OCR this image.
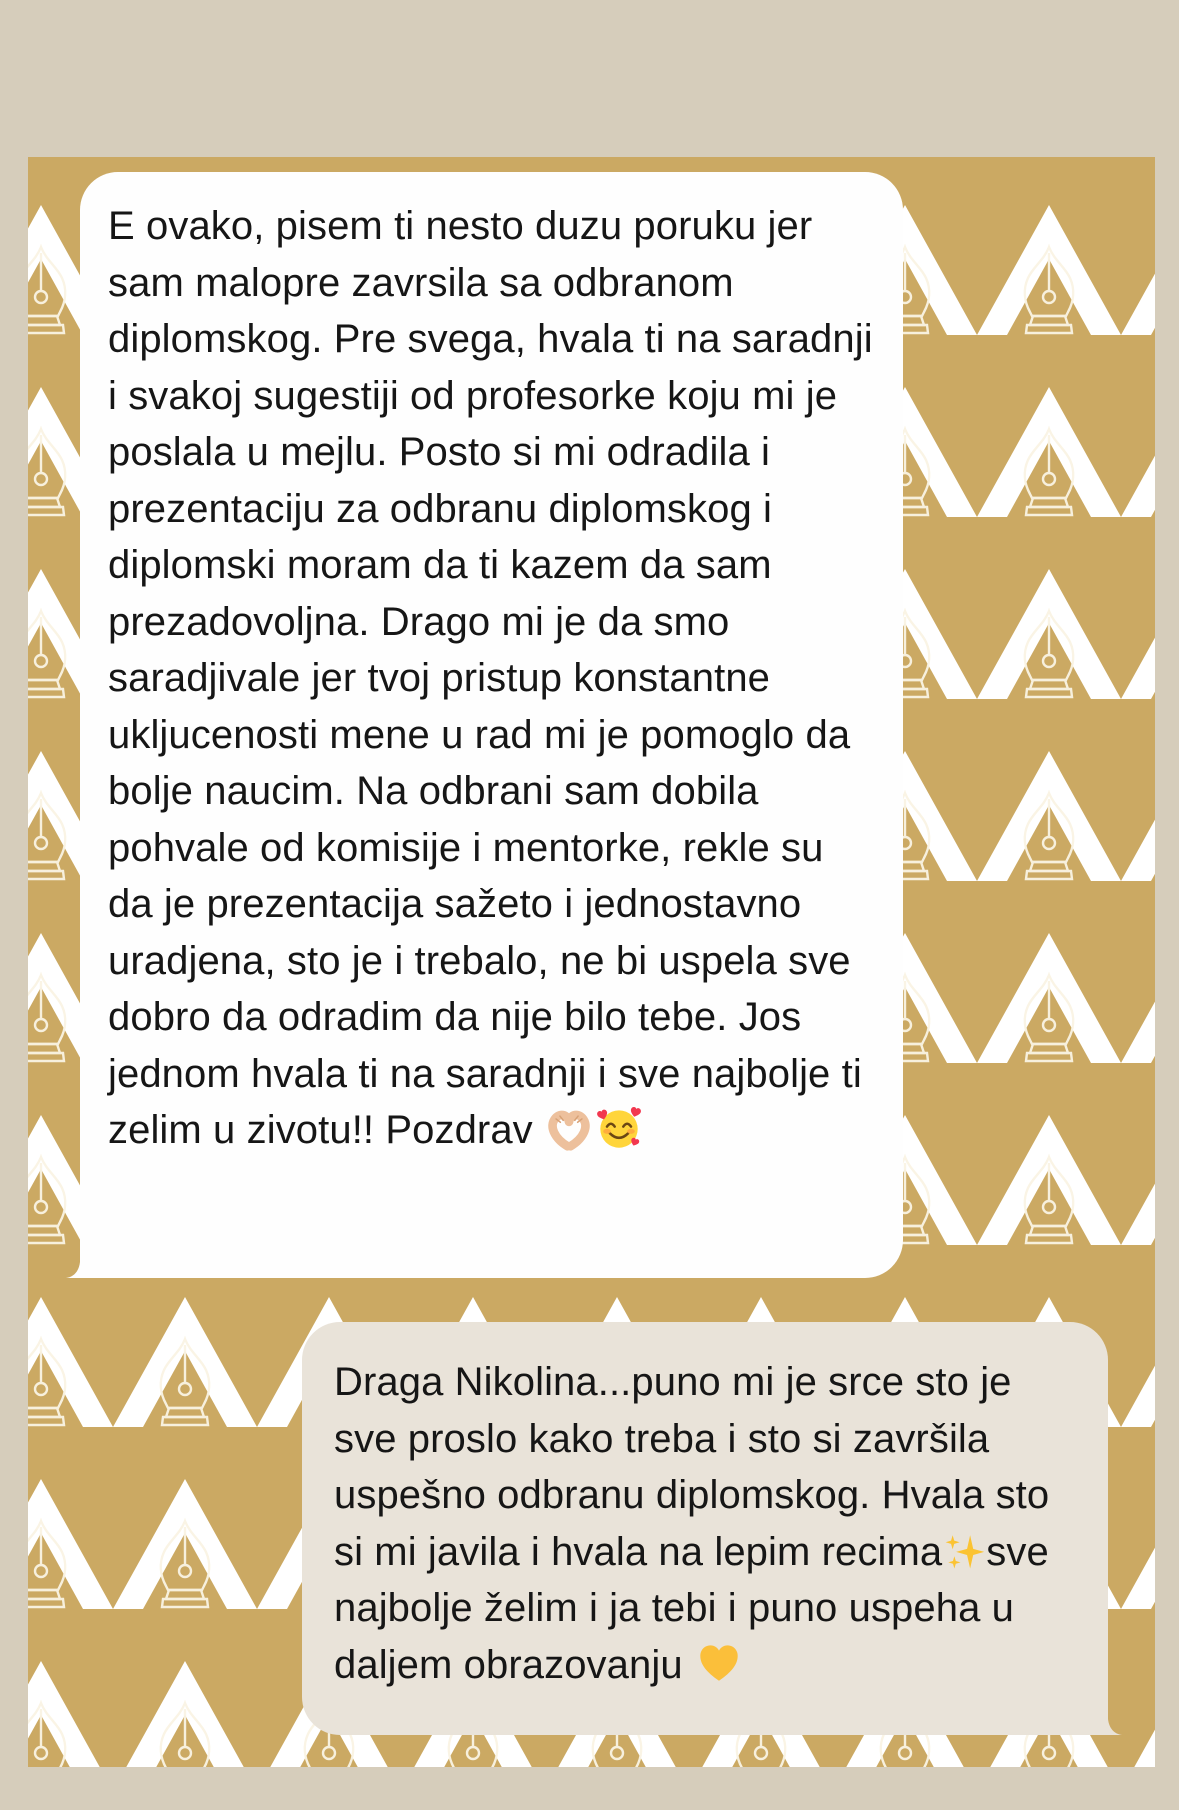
E ovako, pisem ti nesto duzu poruku jer sam malopre zavrsila sa odbranom diplomskog. Pre svega, hvala ti na saradnji i svakoj sugestiji od profesorke koju mi je poslala u mejlu. Posto si mi odradila i prezentaciju za odbranu diplomskog i diplomski moram da ti kazem da sam prezadovoljna. Drago mi je da smo saradjivale jer tvoj pristup konstantne ukljucenosti mene u rad mi je pomoglo da bolje naucim. Na odbrani sam dobila pohvale od komisije i mentorke, rekle su da je prezentacija sažeto i jednostavno uradjena, sto je i trebalo, ne bi uspela sve dobro da odradim da nije bilo tebe. Jos jednom hvala ti na saradnji i sve najbolje ti zelim u zivotu!! Pozdrav

Draga Nikolina...puno mi je srce sto je sve proslo kako treba i sto si završila uspešno odbranu diplomskog. Hvala sto si mi javila i hvala na lepim recima sve najbolje želim i ja tebi i puno uspeha u daljem obrazovanju
